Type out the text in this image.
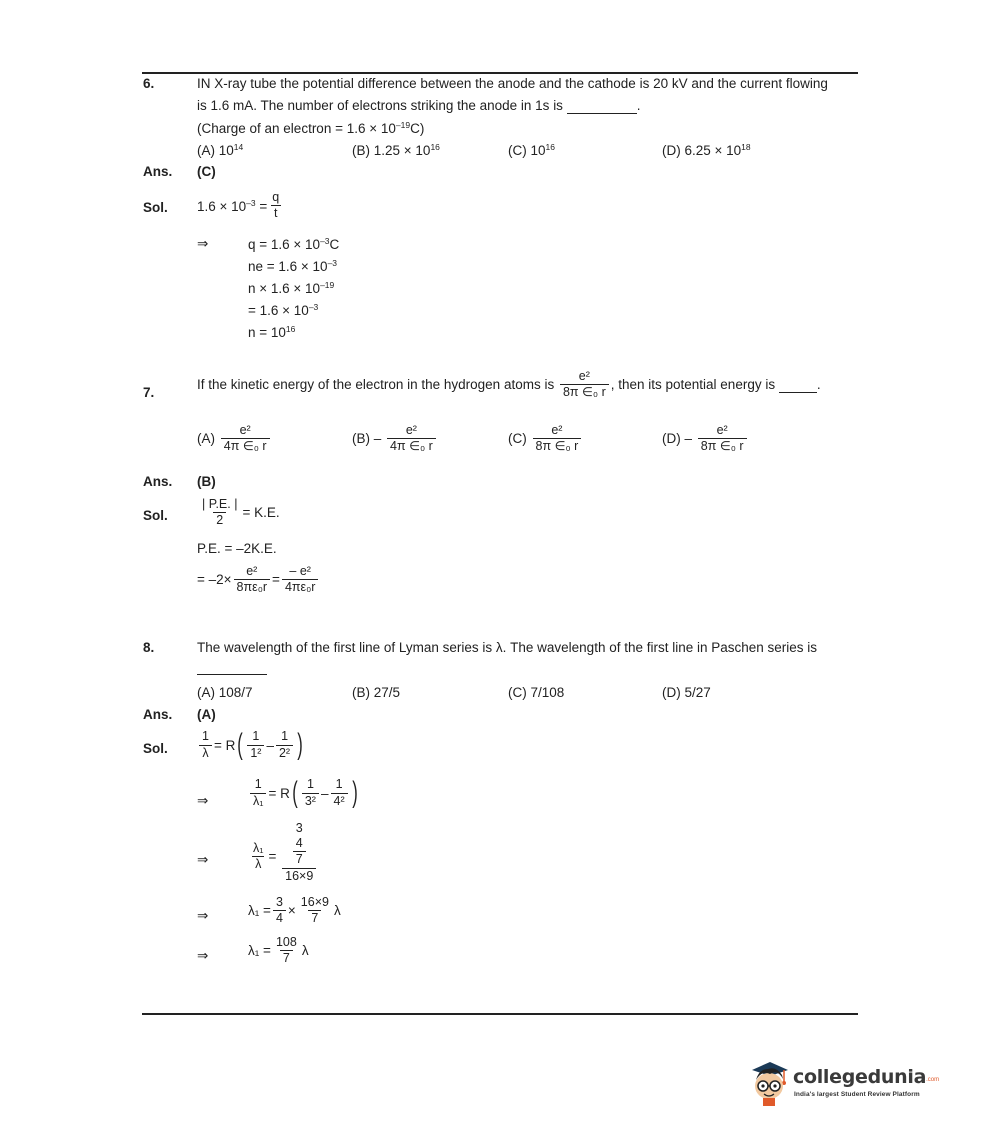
6.	IN X-ray tube the potential difference between the anode and the cathode is 20 kV and the current flowing
is 1.6 mA. The number of electrons striking the anode in 1s is	.
(Charge of an electron = $1.6 \times 10^{-19}C$)
(A) $10^{14}$	(B) $1.25 \times 10^{16}$	(C) $10^{16}$	(D) $6.25 \times 10^{18}$
Ans. (C)
Sol. $1.6 \times 10^{-3} = \frac{q}{t}$
⇒	$q = 1.6 \times 10^{-3}C$
ne = $1.6 \times 10^{-3}$
$n \times 1.6 \times 10^{-19}$
= $1.6 \times 10^{-3}$
$n = 10^{16}$
7.
If the kinetic energy of the electron in the hydrogen atoms is $\frac{\text{e²}}{\text{8π ∈₀ r}}$ , then its potential energy is	.
$(A) \frac{\text{e²}}{\text{4π ∈₀ r}}$	$(B) - \frac{\text{e²}}{\text{4π ∈₀ r}}$	$(C) \frac{\text{e²}}{\text{8π ∈₀ r}}$	$(D) - \frac{\text{e²}}{\text{8π ∈₀ r}}$
Ans. (B)
Sol. $\frac{| P.E. |}{2} = K.E$.
P.E. = –2K.E.
= $-2\times \frac{\text{e²}}{\text{8πε₀r}} = \frac{\text{– e²}}{\text{4πε₀r}}$
8.	The wavelength of the first line of Lyman series is λ. The wavelength of the first line in Paschen series is
(A) 108/7	(B) 27/5	(C) 7/108	(D) 5/27
Ans. (A)
Sol. $\frac{1}{\lambda} = R( \frac{1}{\text{1²}} - \frac{1}{\text{2²}}$ )
⇒	$\frac{1}{\text{λ₁}} = R( \frac{1}{\text{3²}} - \frac{1}{\text{4²}}$ )
⇒	$\frac{\text{λ₁}}{\lambda}$ =
3
$\frac{4}{7}$
16×9
⇒	$\lambda_1 = \frac{3}{4} \times \frac{16\times 9}{7}$ λ
⇒	$\lambda_1 = \frac{108}{7}$ λ
collegedunia.com
India's largest Student Review Platform
